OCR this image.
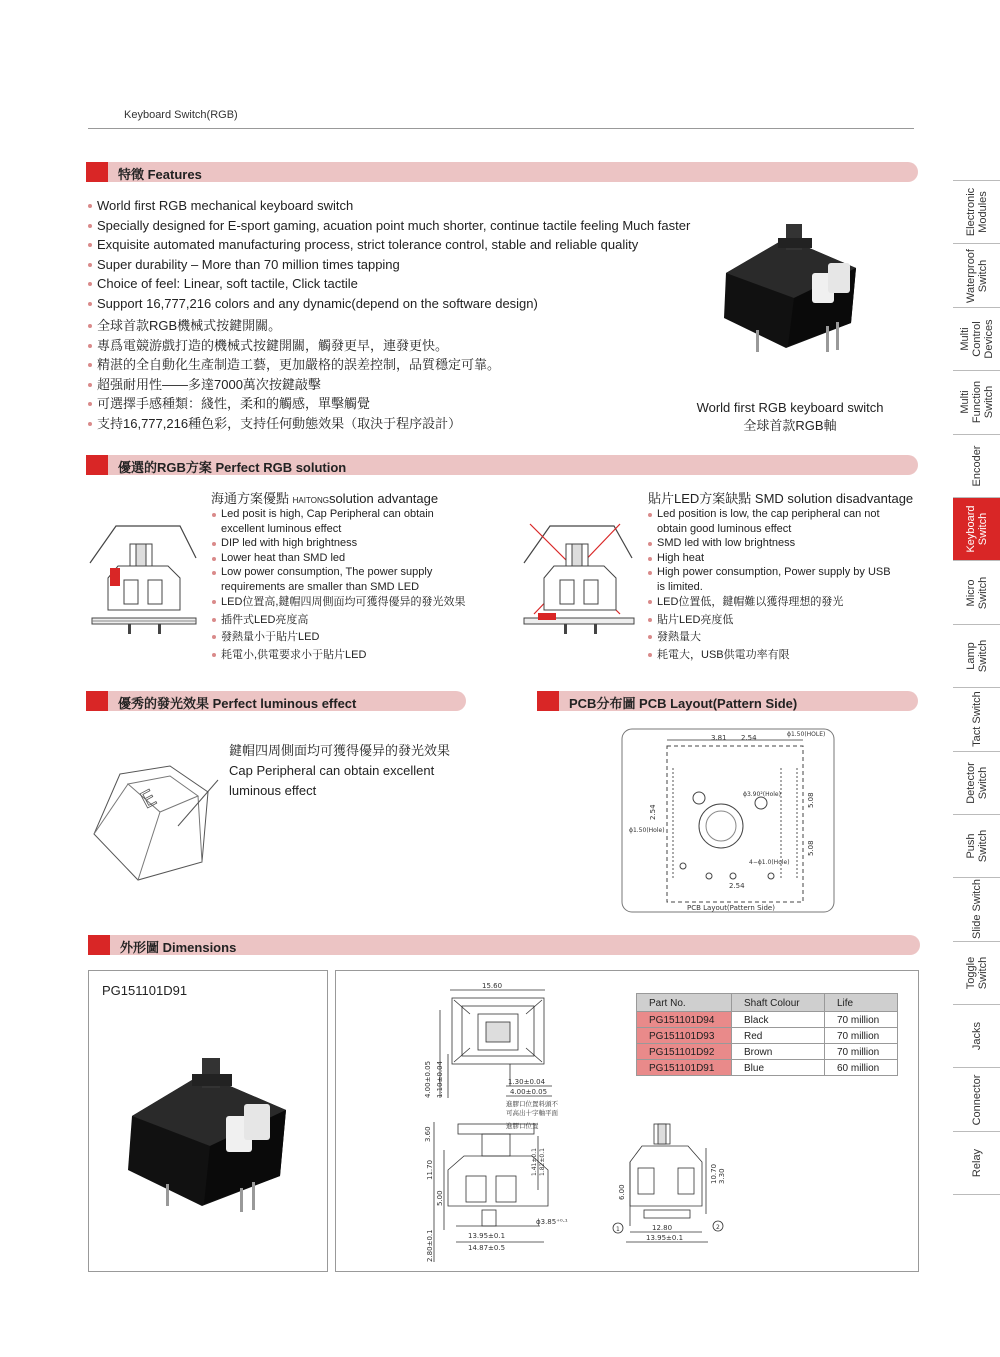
Keyboard Switch(RGB)
特徵 Features
World first RGB mechanical keyboard switch
Specially designed for E-sport gaming, acuation point much shorter, continue tactile feeling Much faster
Exquisite automated manufacturing process, strict tolerance control, stable and reliable quality
Super durability – More than 70 million times tapping
Choice of feel: Linear, soft tactile, Click tactile
Support 16,777,216 colors and any dynamic(depend on the software design)
全球首款RGB機械式按鍵開關。
專爲電競游戲打造的機械式按鍵開關，觸發更早，連發更快。
精湛的全自動化生產制造工藝，更加嚴格的誤差控制，品質穩定可靠。
超强耐用性——多達7000萬次按鍵敲擊
可選擇手感種類：綫性，柔和的觸感，單擊觸覺
支持16,777,216種色彩，支持任何動態效果（取決于程序設計）
World first RGB keyboard switch
全球首款RGB軸
優選的RGB方案 Perfect RGB solution
海通方案優點 HAITONGsolution advantage
Led posit is high, Cap Peripheral can obtain
excellent luminous effect
DIP led with high brightness
Lower heat than SMD led
Low power consumption, The power supply
requirements are smaller than SMD LED
LED位置高,鍵帽四周側面均可獲得優异的發光效果
插件式LED亮度高
發熱量小于貼片LED
耗電小,供電要求小于貼片LED
貼片LED方案缺點 SMD solution disadvantage
Led position is low, the cap peripheral can not
obtain good luminous effect
SMD led with low brightness
High heat
High power consumption, Power supply by USB
is limited.
LED位置低，鍵帽難以獲得理想的發光
貼片LED亮度低
發熱量大
耗電大，USB供電功率有限
優秀的發光效果 Perfect luminous effect
E
鍵帽四周側面均可獲得優异的發光效果
Cap Peripheral can obtain excellent
luminous effect
PCB分布圖 PCB Layout(Pattern Side)
3.81 2.54	ϕ1.50(HOLE)
ϕ3.90²(Hole)
ϕ1.50(Hole)
2.54
5.08
5.08
4−ϕ1.0(Hole)
2.54
PCB Layout(Pattern Side)
外形圖 Dimensions
PG151101D91	15.60
4.00±0.05 1.10±0.04	1.30±0.04
4.00±0.05
進膠口位置料頭不
可高出十字軸平面
進膠口位置
3.60
11.70
5.00
1.41±0.1 1.82±0.1
ϕ3.85⁺⁰⋅¹
13.95±0.1
14.87±0.5
2.80±0.1
6.00
10.70 3.30
12.80
13.95±0.1
1	2
Part No.	Shaft Colour	Life
PG151101D94	Black	70 million
PG151101D93	Red	70 million
PG151101D92	Brown	70 million
PG151101D91	Blue	60 million
Electronic Modules
Waterproof Switch
Multi Control Devices
Multi Function Switch
Encoder
Keyboard Switch
Micro Switch
Lamp Switch
Tact Switch
Detector Switch
Push Switch
Slide Switch
Toggle Switch
Jacks
Connector
Relay
